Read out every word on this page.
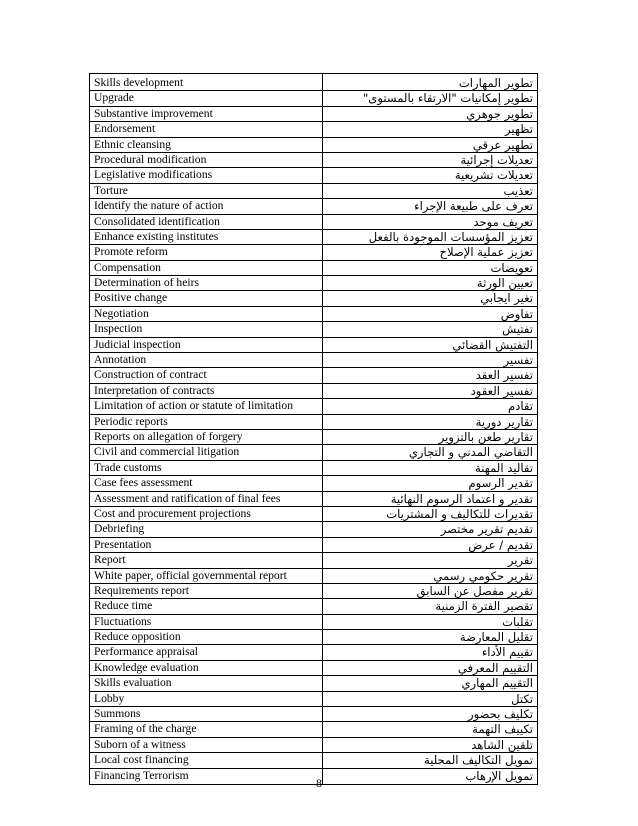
Skills development	تطوير المهارات
Upgrade	تطوير إمكانيات "الارتقاء بالمستوى"
Substantive improvement	تطوير جوهري
Endorsement	تظهير
Ethnic cleansing	تطهير عرقي
Procedural modification	تعديلات إجرائية
Legislative modifications	تعديلات تشريعية
Torture	تعذيب
Identify the nature of action	تعرف على طبيعة الإجراء
Consolidated identification	تعريف موحد
Enhance existing institutes	تعزيز المؤسسات الموجودة بالفعل
Promote reform	تعزيز عملية الإصلاح
Compensation	تعويضات
Determination of heirs	تعيين الورثة
Positive change	تغير ايجابي
Negotiation	تفاوض
Inspection	تفتيش
Judicial inspection	التفتيش القضائي
Annotation	تفسير
Construction of contract	تفسير العقد
Interpretation of contracts	تفسير العقود
Limitation of action or statute of limitation	تقادم
Periodic reports	تقارير دورية
Reports on allegation of forgery	تقارير طعن بالتزوير
Civil and commercial litigation	التقاضي المدني و التجاري
Trade customs	تقاليد المهنة
Case fees assessment	تقدير الرسوم
Assessment and ratification of final fees	تقدير و اعتماد الرسوم النهائية
Cost and procurement projections	تقديرات للتكاليف و المشتريات
Debriefing	تقديم تقرير مختصر
Presentation	تقديم / عرض
Report	تقرير
White paper, official governmental report	تقرير حكومي رسمي
Requirements report	تقرير مفصل عن السابق
Reduce time	تقصير الفترة الزمنية
Fluctuations	تقلبات
Reduce opposition	تقليل المعارضة
Performance appraisal	تقييم الأداء
Knowledge evaluation	التقييم المعرفي
Skills evaluation	التقييم المهاري
Lobby	تكتل
Summons	تكليف بحضور
Framing of the charge	تكييف التهمة
Suborn of a witness	تلقين الشاهد
Local cost financing	تمويل التكاليف المحلية
Financing Terrorism	تمويل الإرهاب
8
